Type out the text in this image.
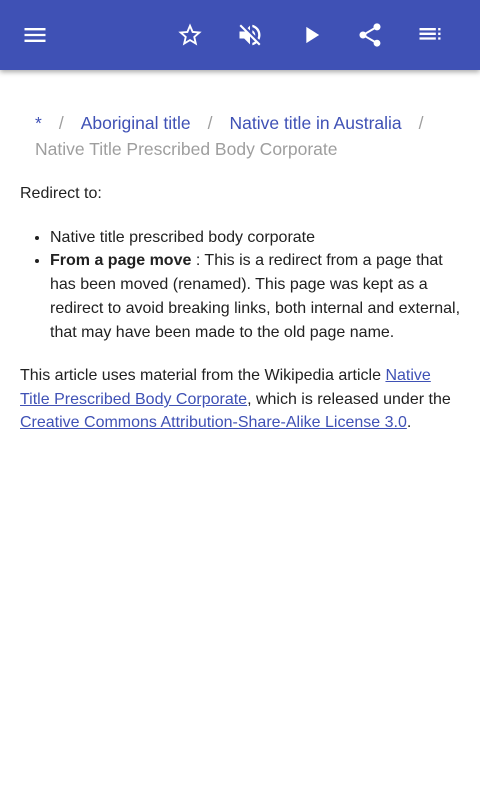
* / Aboriginal title / Native title in Australia /
Native Title Prescribed Body Corporate

Redirect to:

• Native title prescribed body corporate
• From a page move : This is a redirect from a page that has been moved (renamed). This page was kept as a redirect to avoid breaking links, both internal and external, that may have been made to the old page name.

This article uses material from the Wikipedia article Native Title Prescribed Body Corporate, which is released under the Creative Commons Attribution-Share-Alike License 3.0.
